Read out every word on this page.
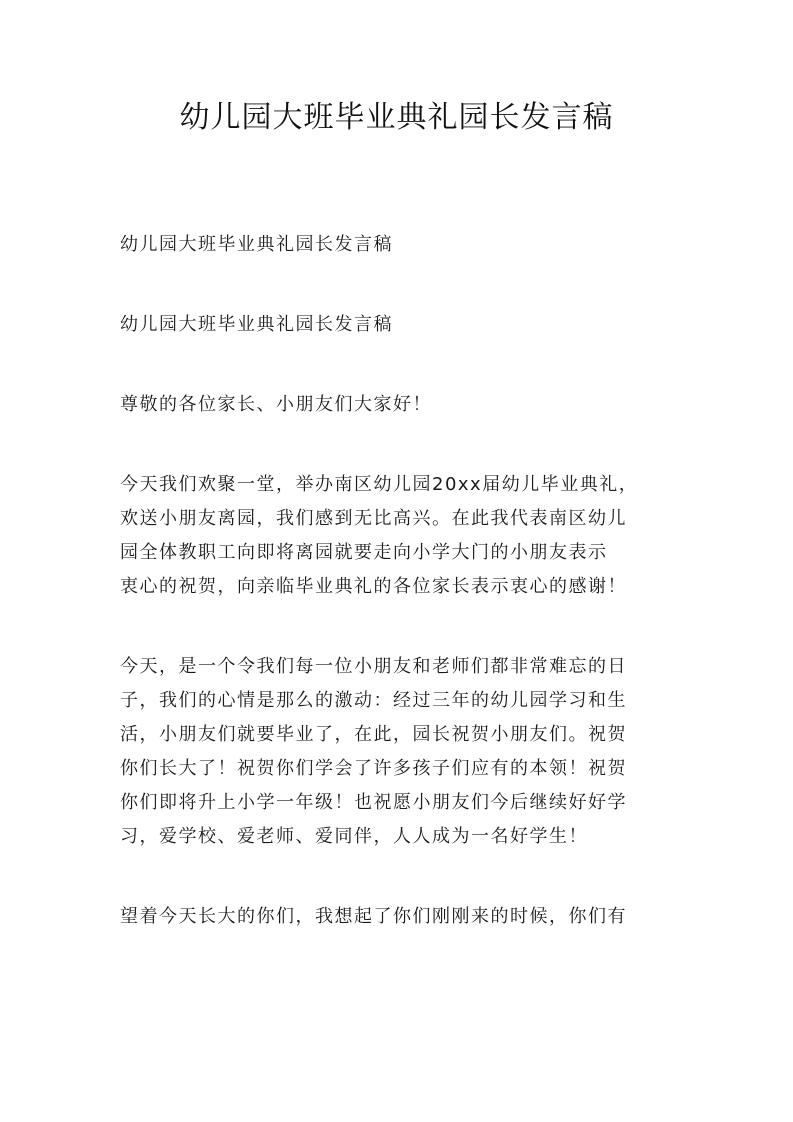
幼儿园大班毕业典礼园长发言稿
幼儿园大班毕业典礼园长发言稿
幼儿园大班毕业典礼园长发言稿
尊敬的各位家长、小朋友们大家好！
今天我们欢聚一堂，举办南区幼儿园20xx届幼儿毕业典礼，
欢送小朋友离园，我们感到无比高兴。在此我代表南区幼儿
园全体教职工向即将离园就要走向小学大门的小朋友表示
衷心的祝贺，向亲临毕业典礼的各位家长表示衷心的感谢！
今天，是一个令我们每一位小朋友和老师们都非常难忘的日
子，我们的心情是那么的激动：经过三年的幼儿园学习和生
活，小朋友们就要毕业了，在此，园长祝贺小朋友们。祝贺
你们长大了！祝贺你们学会了许多孩子们应有的本领！祝贺
你们即将升上小学一年级！也祝愿小朋友们今后继续好好学
习，爱学校、爱老师、爱同伴，人人成为一名好学生！
望着今天长大的你们，我想起了你们刚刚来的时候，你们有
